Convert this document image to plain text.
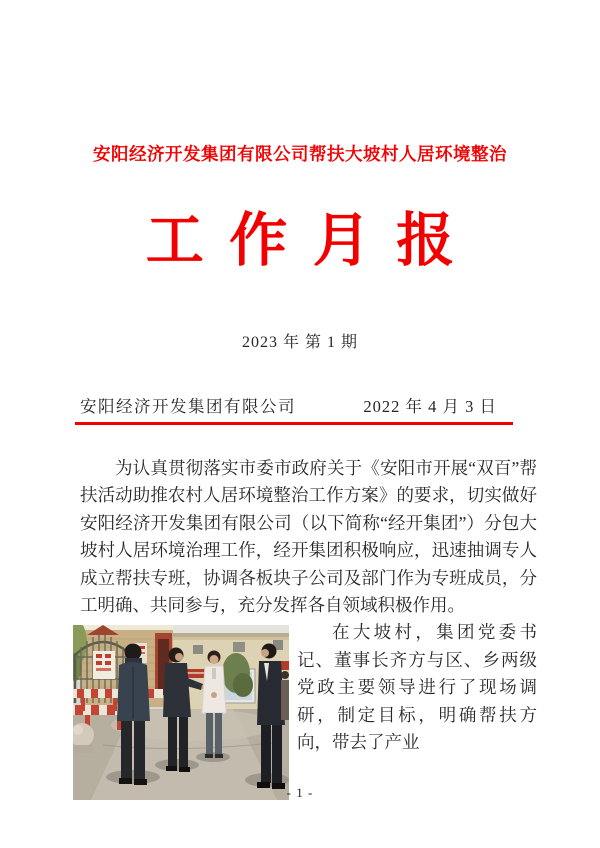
安阳经济开发集团有限公司帮扶大坡村人居环境整治
工 作 月 报
2023 年 第 1 期
安阳经济开发集团有限公司	2022 年 4 月 3 日

为认真贯彻落实市委市政府关于《安阳市开展“双百”帮扶活动助推农村人居环境整治工作方案》的要求，切实做好安阳经济开发集团有限公司（以下简称“经开集团”）分包大坡村人居环境治理工作，经开集团积极响应，迅速抽调专人成立帮扶专班，协调各板块子公司及部门作为专班成员，分工明确、共同参与，充分发挥各自领域积极作用。

在大坡村，集团党委书记、董事长齐方与区、乡两级党政主要领导进行了现场调研，制定目标，明确帮扶方向，带去了产业

- 1 -
